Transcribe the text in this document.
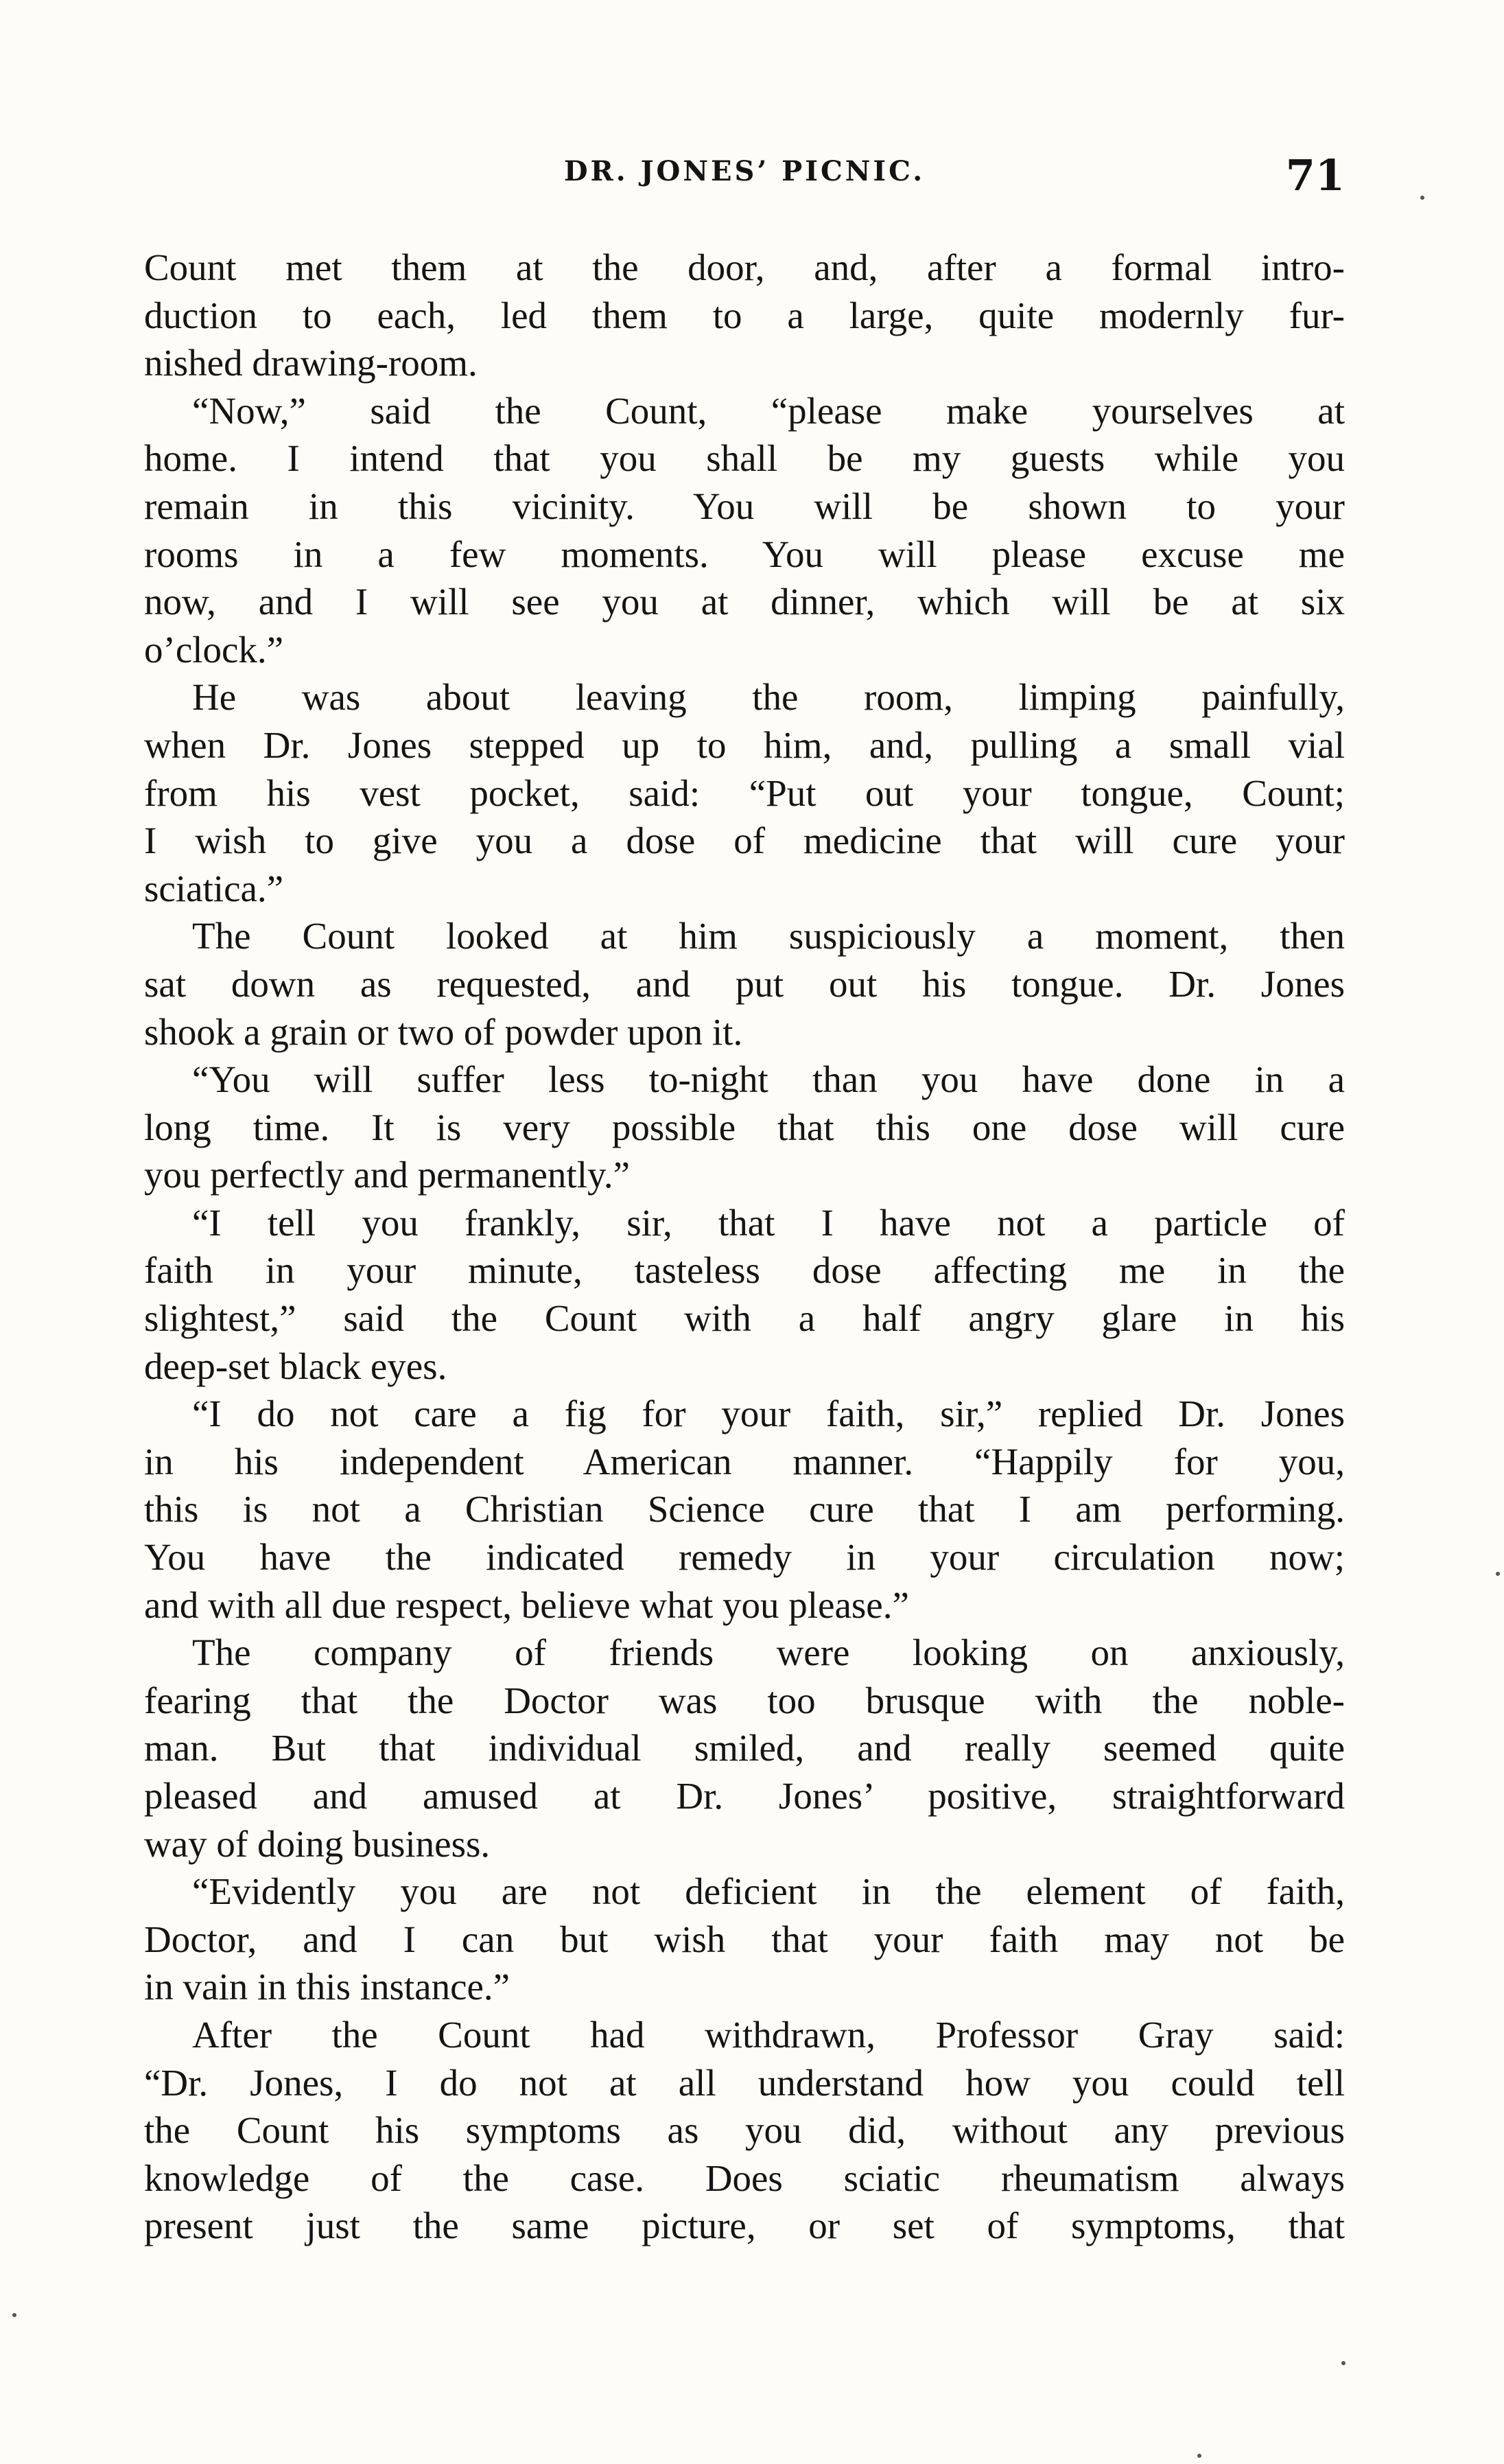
DR. JONES’ PICNIC.	71
Count met them at the door, and, after a formal intro-
duction to each, led them to a large, quite modernly fur-
nished drawing-room.
“Now,” said the Count, “please make yourselves at
home. I intend that you shall be my guests while you
remain in this vicinity. You will be shown to your
rooms in a few moments. You will please excuse me
now, and I will see you at dinner, which will be at six
o’clock.”
He was about leaving the room, limping painfully,
when Dr. Jones stepped up to him, and, pulling a small vial
from his vest pocket, said: “Put out your tongue, Count;
I wish to give you a dose of medicine that will cure your
sciatica.”
The Count looked at him suspiciously a moment, then
sat down as requested, and put out his tongue. Dr. Jones
shook a grain or two of powder upon it.
“You will suffer less to-night than you have done in a
long time. It is very possible that this one dose will cure
you perfectly and permanently.”
“I tell you frankly, sir, that I have not a particle of
faith in your minute, tasteless dose affecting me in the
slightest,” said the Count with a half angry glare in his
deep-set black eyes.
“I do not care a fig for your faith, sir,” replied Dr. Jones
in his independent American manner. “Happily for you,
this is not a Christian Science cure that I am performing.
You have the indicated remedy in your circulation now;
and with all due respect, believe what you please.”
The company of friends were looking on anxiously,
fearing that the Doctor was too brusque with the noble-
man. But that individual smiled, and really seemed quite
pleased and amused at Dr. Jones’ positive, straightforward
way of doing business.
“Evidently you are not deficient in the element of faith,
Doctor, and I can but wish that your faith may not be
in vain in this instance.”
After the Count had withdrawn, Professor Gray said:
“Dr. Jones, I do not at all understand how you could tell
the Count his symptoms as you did, without any previous
knowledge of the case. Does sciatic rheumatism always
present just the same picture, or set of symptoms, that
